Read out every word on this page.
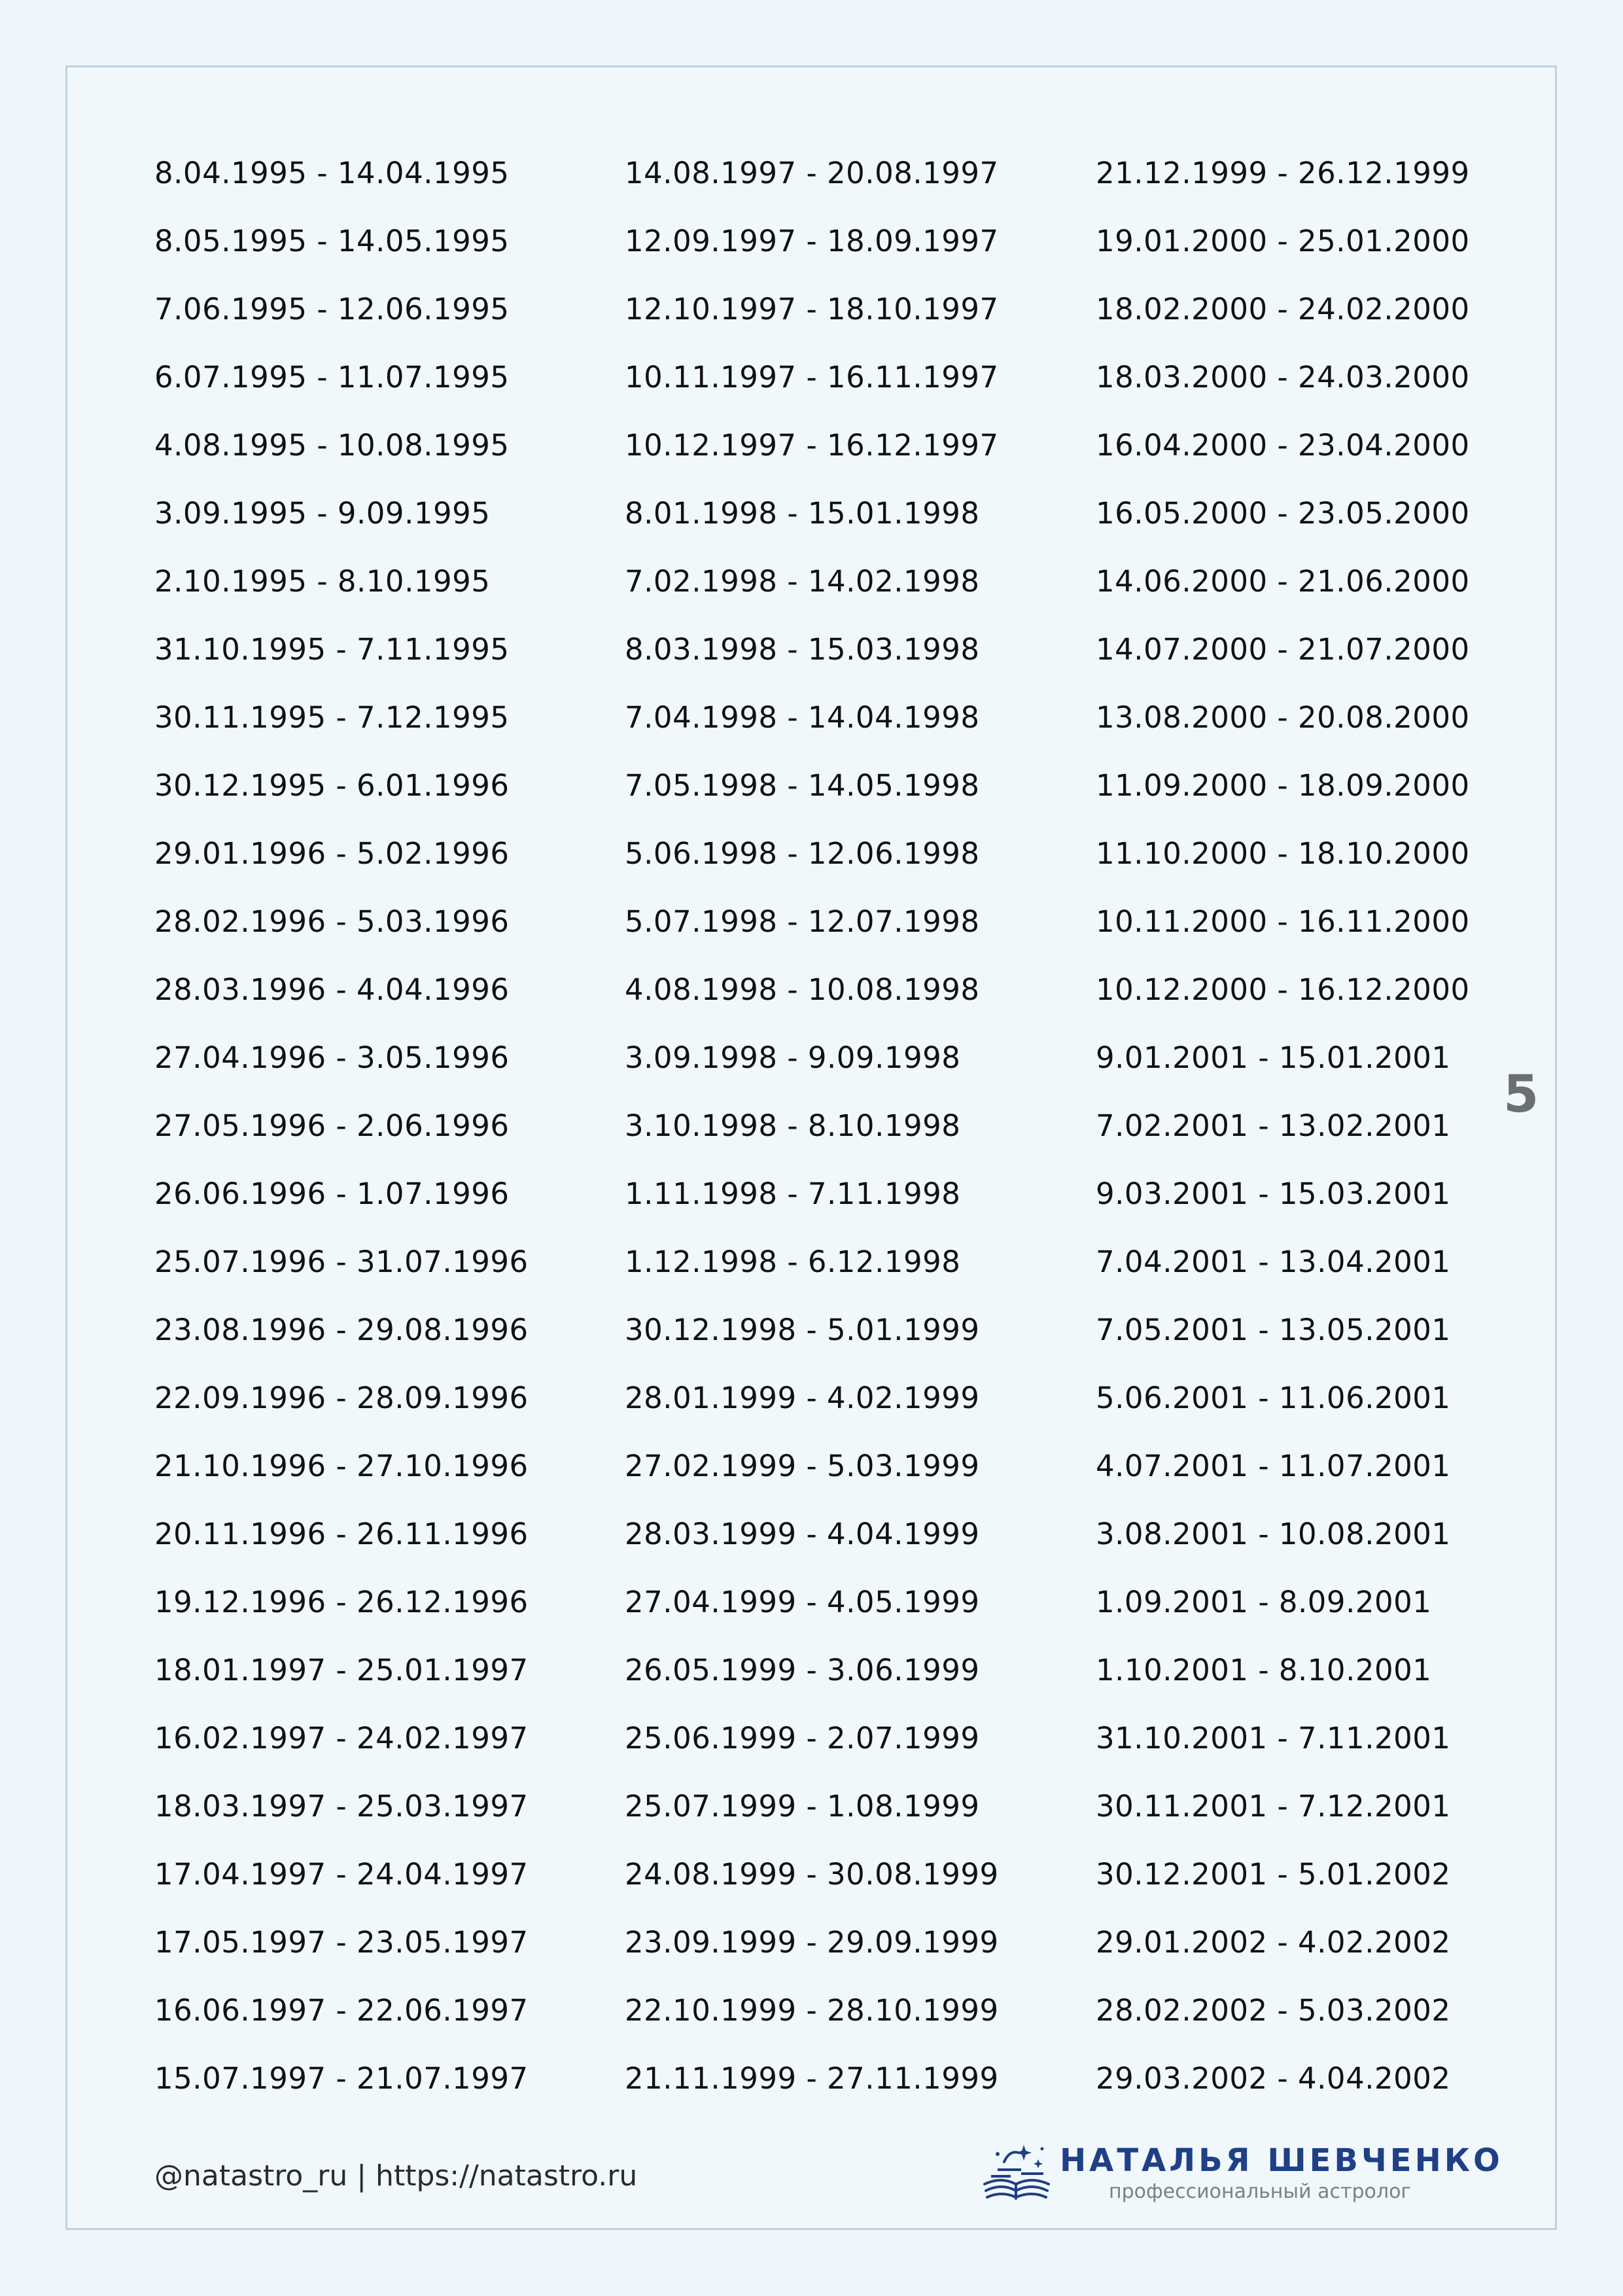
8.04.1995 - 14.04.1995
8.05.1995 - 14.05.1995
7.06.1995 - 12.06.1995
6.07.1995 - 11.07.1995
4.08.1995 - 10.08.1995
3.09.1995 - 9.09.1995
2.10.1995 - 8.10.1995
31.10.1995 - 7.11.1995
30.11.1995 - 7.12.1995
30.12.1995 - 6.01.1996
29.01.1996 - 5.02.1996
28.02.1996 - 5.03.1996
28.03.1996 - 4.04.1996
27.04.1996 - 3.05.1996
27.05.1996 - 2.06.1996
26.06.1996 - 1.07.1996
25.07.1996 - 31.07.1996
23.08.1996 - 29.08.1996
22.09.1996 - 28.09.1996
21.10.1996 - 27.10.1996
20.11.1996 - 26.11.1996
19.12.1996 - 26.12.1996
18.01.1997 - 25.01.1997
16.02.1997 - 24.02.1997
18.03.1997 - 25.03.1997
17.04.1997 - 24.04.1997
17.05.1997 - 23.05.1997
16.06.1997 - 22.06.1997
15.07.1997 - 21.07.1997
14.08.1997 - 20.08.1997
12.09.1997 - 18.09.1997
12.10.1997 - 18.10.1997
10.11.1997 - 16.11.1997
10.12.1997 - 16.12.1997
8.01.1998 - 15.01.1998
7.02.1998 - 14.02.1998
8.03.1998 - 15.03.1998
7.04.1998 - 14.04.1998
7.05.1998 - 14.05.1998
5.06.1998 - 12.06.1998
5.07.1998 - 12.07.1998
4.08.1998 - 10.08.1998
3.09.1998 - 9.09.1998
3.10.1998 - 8.10.1998
1.11.1998 - 7.11.1998
1.12.1998 - 6.12.1998
30.12.1998 - 5.01.1999
28.01.1999 - 4.02.1999
27.02.1999 - 5.03.1999
28.03.1999 - 4.04.1999
27.04.1999 - 4.05.1999
26.05.1999 - 3.06.1999
25.06.1999 - 2.07.1999
25.07.1999 - 1.08.1999
24.08.1999 - 30.08.1999
23.09.1999 - 29.09.1999
22.10.1999 - 28.10.1999
21.11.1999 - 27.11.1999
21.12.1999 - 26.12.1999
19.01.2000 - 25.01.2000
18.02.2000 - 24.02.2000
18.03.2000 - 24.03.2000
16.04.2000 - 23.04.2000
16.05.2000 - 23.05.2000
14.06.2000 - 21.06.2000
14.07.2000 - 21.07.2000
13.08.2000 - 20.08.2000
11.09.2000 - 18.09.2000
11.10.2000 - 18.10.2000
10.11.2000 - 16.11.2000
10.12.2000 - 16.12.2000
9.01.2001 - 15.01.2001
7.02.2001 - 13.02.2001
9.03.2001 - 15.03.2001
7.04.2001 - 13.04.2001
7.05.2001 - 13.05.2001
5.06.2001 - 11.06.2001
4.07.2001 - 11.07.2001
3.08.2001 - 10.08.2001
1.09.2001 - 8.09.2001
1.10.2001 - 8.10.2001
31.10.2001 - 7.11.2001
30.11.2001 - 7.12.2001
30.12.2001 - 5.01.2002
29.01.2002 - 4.02.2002
28.02.2002 - 5.03.2002
29.03.2002 - 4.04.2002
5
@natastro_ru | https://natastro.ru	НАТАЛЬЯ ШЕВЧЕНКО
профессиональный астролог
